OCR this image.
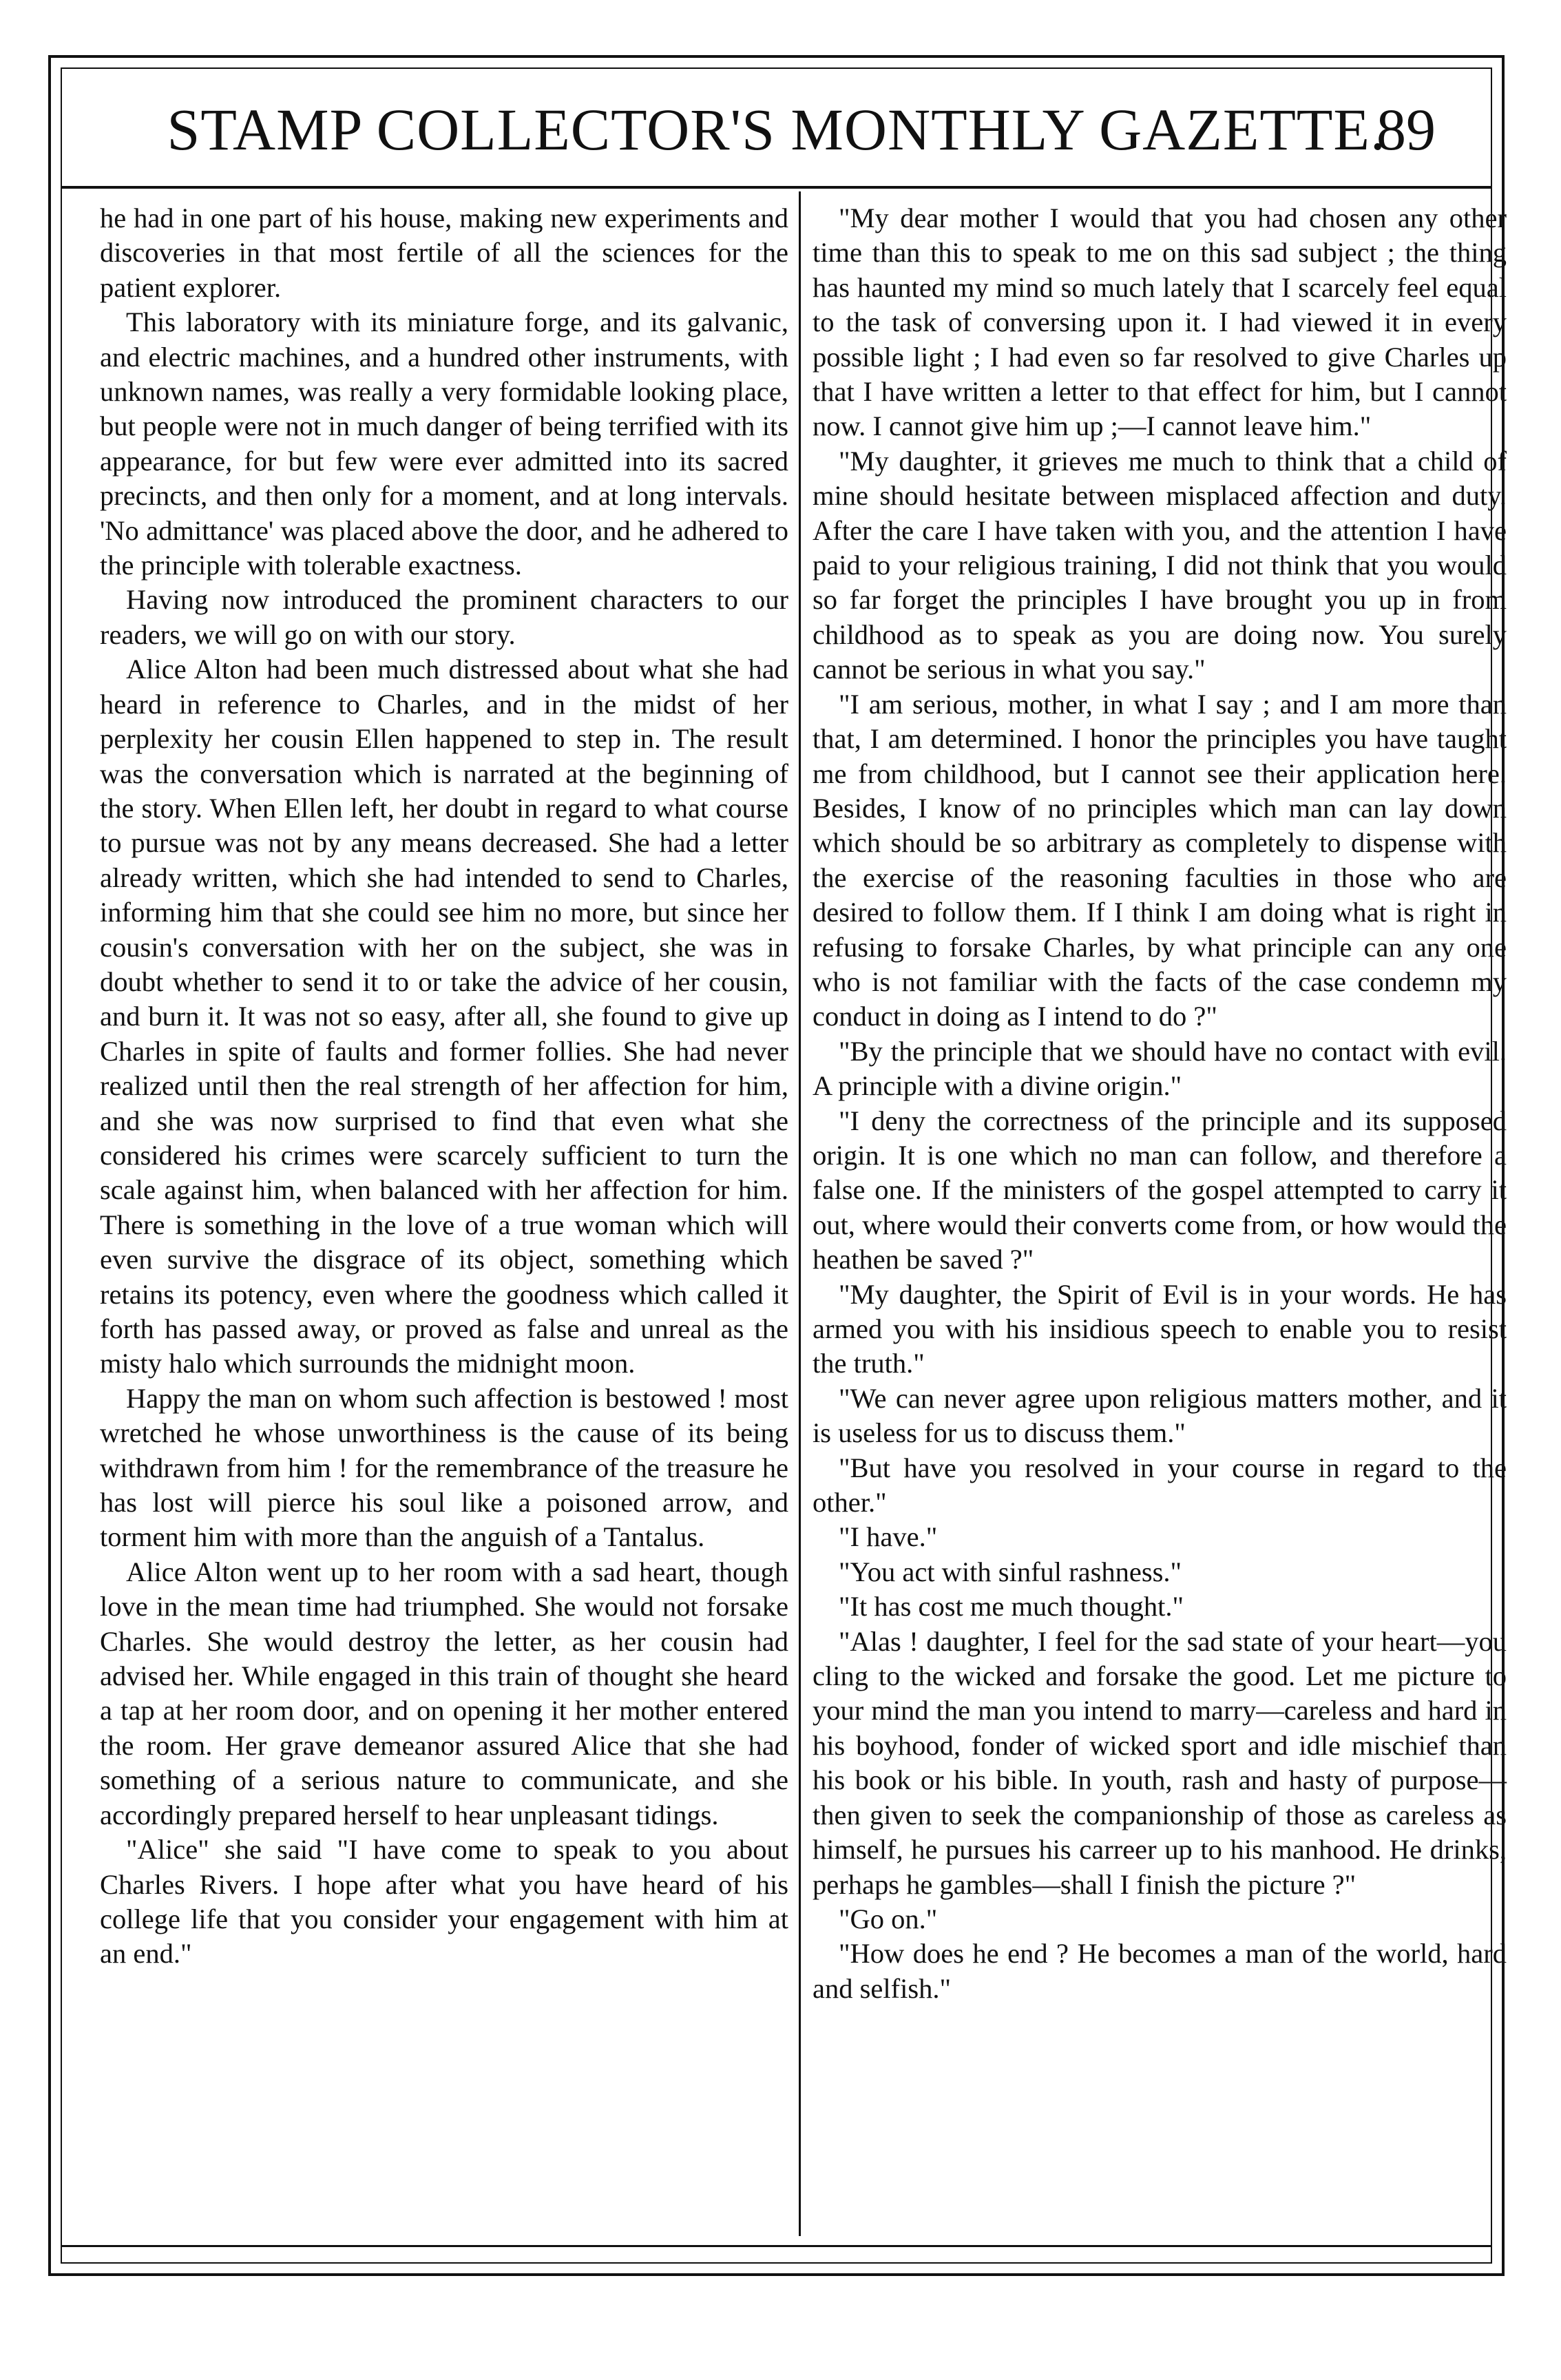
STAMP COLLECTOR'S MONTHLY GAZETTE.
89

he had in one part of his house, making new experiments and discoveries in that most fertile of all the sciences for the patient explorer.

This laboratory with its miniature forge, and its galvanic, and electric machines, and a hundred other instruments, with unknown names, was really a very formidable looking place, but people were not in much danger of being terrified with its appearance, for but few were ever admitted into its sacred precincts, and then only for a moment, and at long intervals. 'No admittance' was placed above the door, and he adhered to the principle with tolerable exactness.

Having now introduced the prominent characters to our readers, we will go on with our story.

Alice Alton had been much distressed about what she had heard in reference to Charles, and in the midst of her perplexity her cousin Ellen happened to step in. The result was the conversation which is narrated at the beginning of the story. When Ellen left, her doubt in regard to what course to pursue was not by any means decreased. She had a letter already written, which she had intended to send to Charles, informing him that she could see him no more, but since her cousin's conversation with her on the subject, she was in doubt whether to send it to or take the advice of her cousin, and burn it. It was not so easy, after all, she found to give up Charles in spite of faults and former follies. She had never realized until then the real strength of her affection for him, and she was now surprised to find that even what she considered his crimes were scarcely sufficient to turn the scale against him, when balanced with her affection for him. There is something in the love of a true woman which will even survive the disgrace of its object, something which retains its potency, even where the goodness which called it forth has passed away, or proved as false and unreal as the misty halo which surrounds the midnight moon.

Happy the man on whom such affection is bestowed ! most wretched he whose unworthiness is the cause of its being withdrawn from him ! for the remembrance of the treasure he has lost will pierce his soul like a poisoned arrow, and torment him with more than the anguish of a Tantalus.

Alice Alton went up to her room with a sad heart, though love in the mean time had triumphed. She would not forsake Charles. She would destroy the letter, as her cousin had advised her. While engaged in this train of thought she heard a tap at her room door, and on opening it her mother entered the room. Her grave demeanor assured Alice that she had something of a serious nature to communicate, and she accordingly prepared herself to hear unpleasant tidings.

"Alice" she said "I have come to speak to you about Charles Rivers. I hope after what you have heard of his college life that you consider your engagement with him at an end."

"My dear mother I would that you had chosen any other time than this to speak to me on this sad subject ; the thing has haunted my mind so much lately that I scarcely feel equal to the task of conversing upon it. I had viewed it in every possible light ; I had even so far resolved to give Charles up that I have written a letter to that effect for him, but I cannot now. I cannot give him up ;—I cannot leave him."

"My daughter, it grieves me much to think that a child of mine should hesitate between misplaced affection and duty. After the care I have taken with you, and the attention I have paid to your religious training, I did not think that you would so far forget the principles I have brought you up in from childhood as to speak as you are doing now. You surely cannot be serious in what you say."

"I am serious, mother, in what I say ; and I am more than that, I am determined. I honor the principles you have taught me from childhood, but I cannot see their application here. Besides, I know of no principles which man can lay down which should be so arbitrary as completely to dispense with the exercise of the reasoning faculties in those who are desired to follow them. If I think I am doing what is right in refusing to forsake Charles, by what principle can any one who is not familiar with the facts of the case condemn my conduct in doing as I intend to do ?"

"By the principle that we should have no contact with evil. A principle with a divine origin."

"I deny the correctness of the principle and its supposed origin. It is one which no man can follow, and therefore a false one. If the ministers of the gospel attempted to carry it out, where would their converts come from, or how would the heathen be saved ?"

"My daughter, the Spirit of Evil is in your words. He has armed you with his insidious speech to enable you to resist the truth."

"We can never agree upon religious matters mother, and it is useless for us to discuss them."

"But have you resolved in your course in regard to the other."

"I have."

"You act with sinful rashness."

"It has cost me much thought."

"Alas ! daughter, I feel for the sad state of your heart—you cling to the wicked and forsake the good. Let me picture to your mind the man you intend to marry—careless and hard in his boyhood, fonder of wicked sport and idle mischief than his book or his bible. In youth, rash and hasty of purpose—then given to seek the companionship of those as careless as himself, he pursues his carreer up to his manhood. He drinks, perhaps he gambles—shall I finish the picture ?"

"Go on."

"How does he end ? He becomes a man of the world, hard and selfish."
